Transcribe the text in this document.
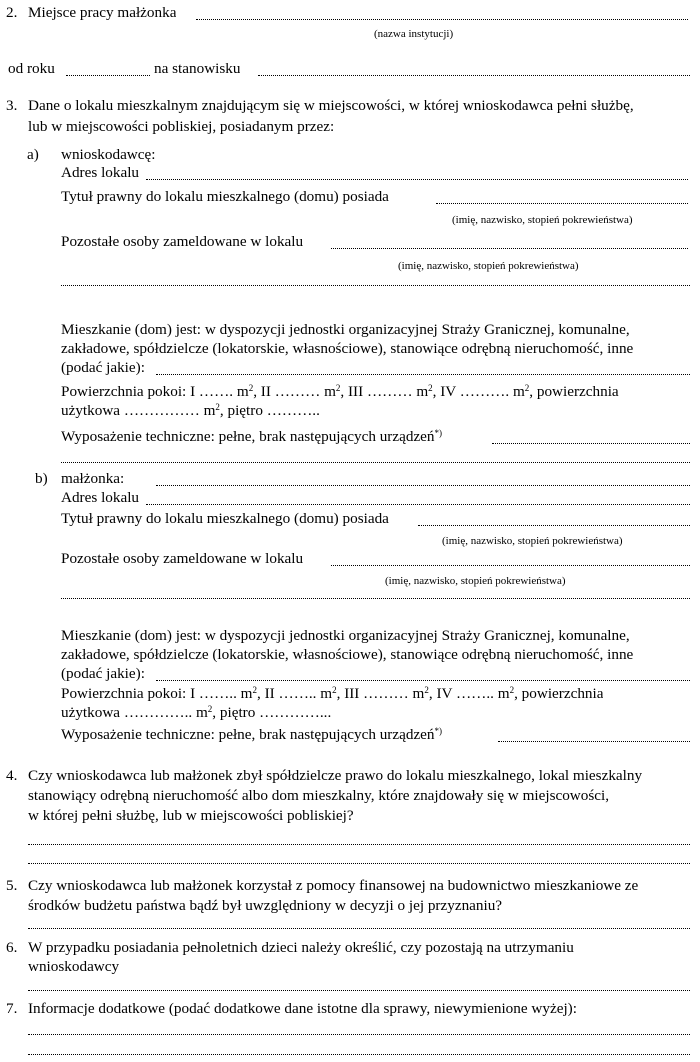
2. Miejsce pracy małżonka
(nazwa instytucji)
od roku	na stanowisku
3. Dane o lokalu mieszkalnym znajdującym się w miejscowości, w której wnioskodawca pełni służbę,
lub w miejscowości pobliskiej, posiadanym przez:
a) wnioskodawcę:
Adres lokalu
Tytuł prawny do lokalu mieszkalnego (domu) posiada
(imię, nazwisko, stopień pokrewieństwa)
Pozostałe osoby zameldowane w lokalu
(imię, nazwisko, stopień pokrewieństwa)
Mieszkanie (dom) jest: w dyspozycji jednostki organizacyjnej Straży Granicznej, komunalne,
zakładowe, spółdzielcze (lokatorskie, własnościowe), stanowiące odrębną nieruchomość, inne
(podać jakie):
Powierzchnia pokoi: I ……. $m^2$, II ……… $m^2$, III ……… $m^2$, IV ………. $m^2$, powierzchnia
użytkowa …………… $m^2$, piętro ………..
Wyposażenie techniczne: pełne, brak następujących urządzeń*)
b) małżonka:
Adres lokalu
Tytuł prawny do lokalu mieszkalnego (domu) posiada
(imię, nazwisko, stopień pokrewieństwa)
Pozostałe osoby zameldowane w lokalu
(imię, nazwisko, stopień pokrewieństwa)
Mieszkanie (dom) jest: w dyspozycji jednostki organizacyjnej Straży Granicznej, komunalne,
zakładowe, spółdzielcze (lokatorskie, własnościowe), stanowiące odrębną nieruchomość, inne
(podać jakie):
Powierzchnia pokoi: I …….. $m^2$, II …….. $m^2$, III ……… $m^2$, IV …….. $m^2$, powierzchnia
użytkowa ………….. $m^2$, piętro …………...
Wyposażenie techniczne: pełne, brak następujących urządzeń*)
4. Czy wnioskodawca lub małżonek zbył spółdzielcze prawo do lokalu mieszkalnego, lokal mieszkalny
stanowiący odrębną nieruchomość albo dom mieszkalny, które znajdowały się w miejscowości,
w której pełni służbę, lub w miejscowości pobliskiej?
5. Czy wnioskodawca lub małżonek korzystał z pomocy finansowej na budownictwo mieszkaniowe ze
środków budżetu państwa bądź był uwzględniony w decyzji o jej przyznaniu?
6. W przypadku posiadania pełnoletnich dzieci należy określić, czy pozostają na utrzymaniu
wnioskodawcy
7. Informacje dodatkowe (podać dodatkowe dane istotne dla sprawy, niewymienione wyżej):
